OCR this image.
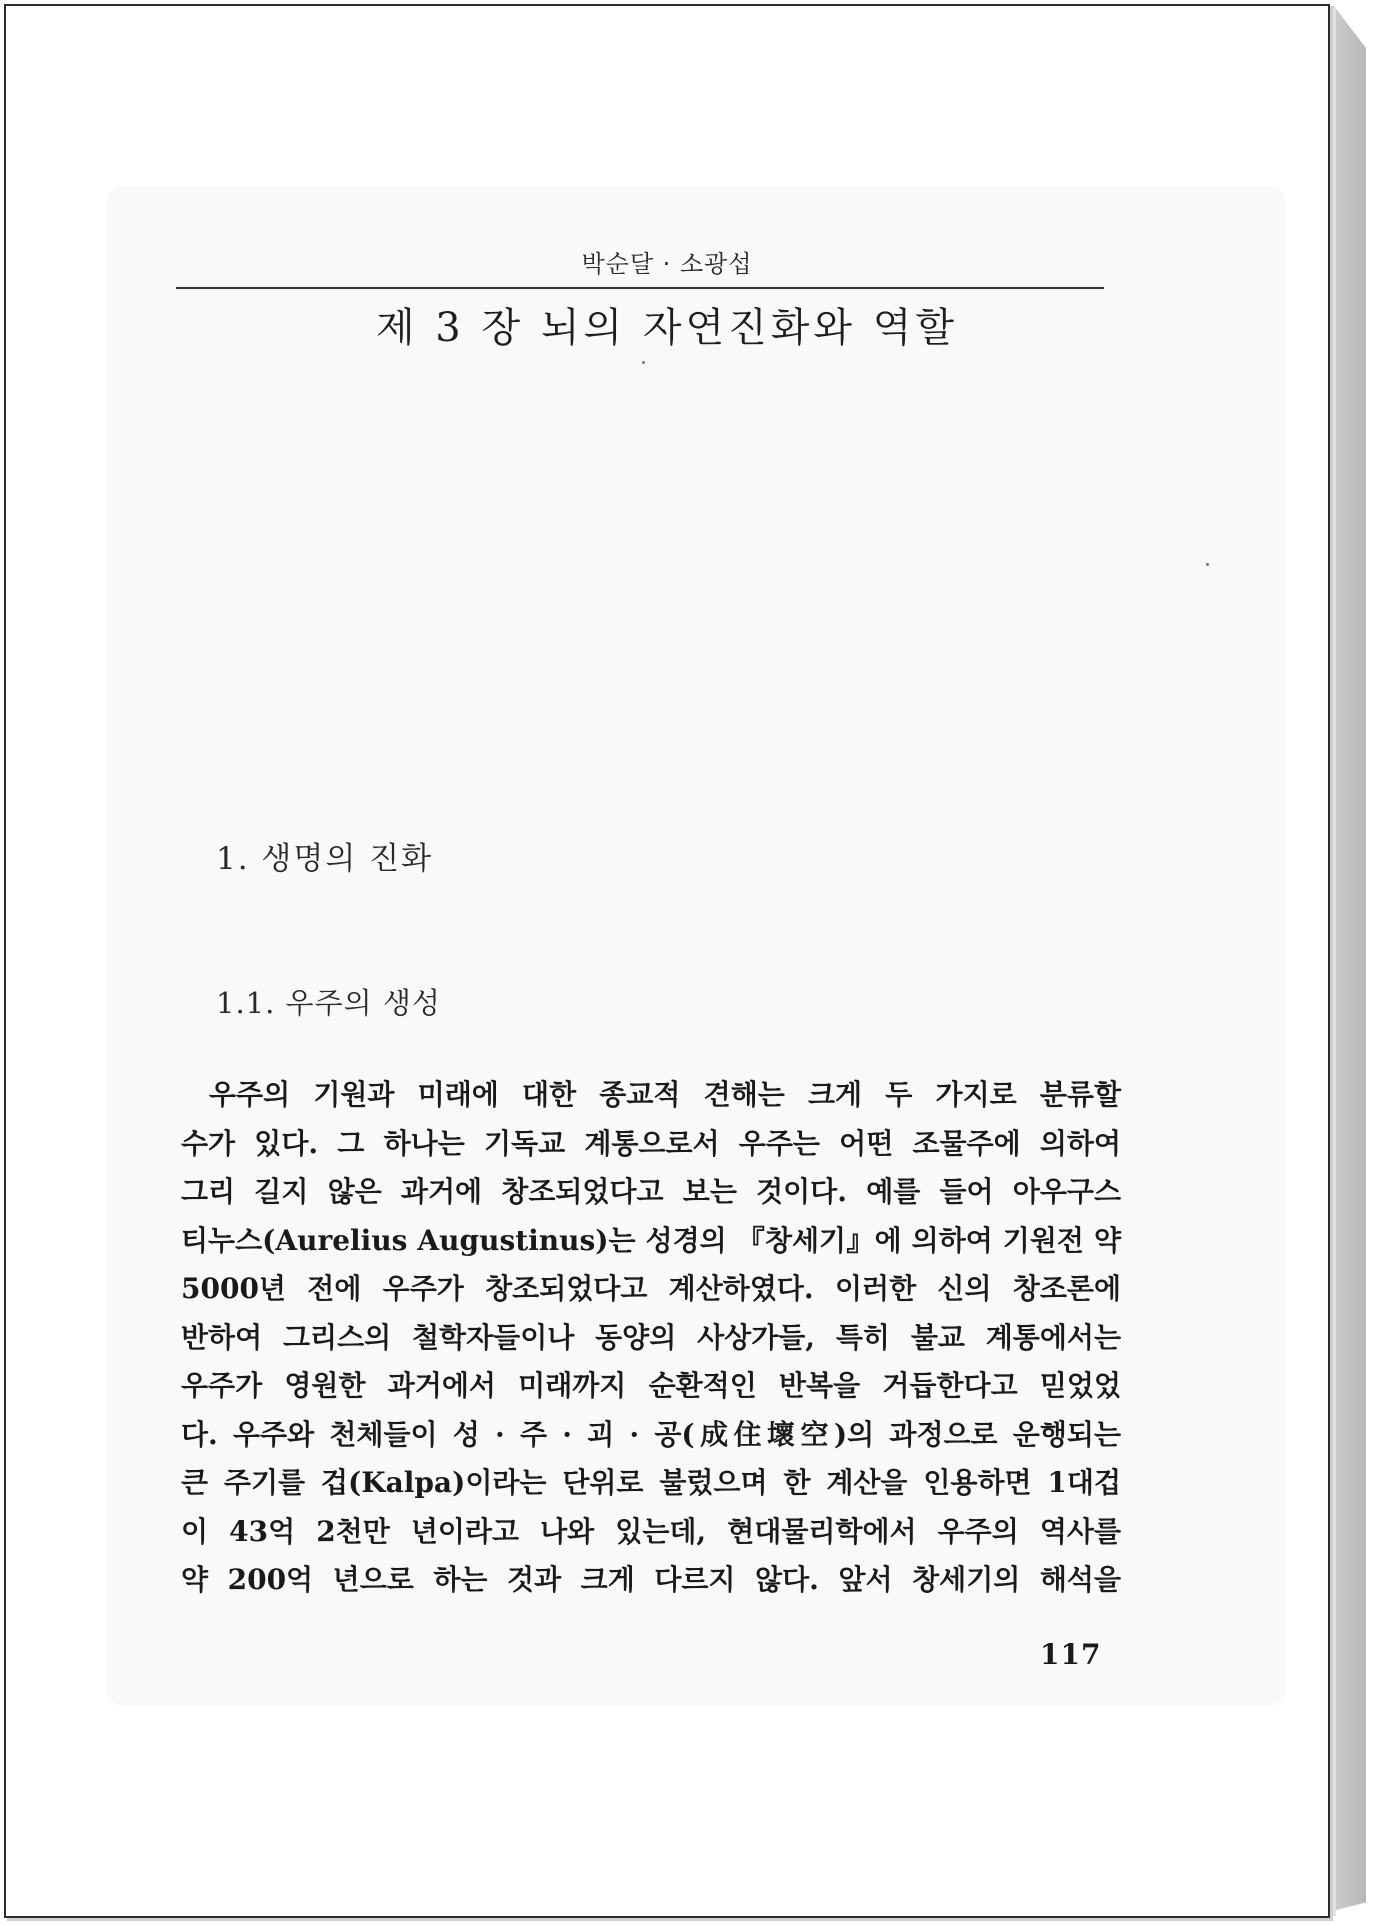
박순달 · 소광섭
제 3 장 뇌의 자연진화와 역할
1. 생명의 진화
1.1. 우주의 생성
우주의 기원과 미래에 대한 종교적 견해는 크게 두 가지로 분류할
수가 있다. 그 하나는 기독교 계통으로서 우주는 어떤 조물주에 의하여
그리 길지 않은 과거에 창조되었다고 보는 것이다. 예를 들어 아우구스
티누스(Aurelius Augustinus)는 성경의 『창세기』에 의하여 기원전 약
5000년 전에 우주가 창조되었다고 계산하였다. 이러한 신의 창조론에
반하여 그리스의 철학자들이나 동양의 사상가들, 특히 불교 계통에서는
우주가 영원한 과거에서 미래까지 순환적인 반복을 거듭한다고 믿었었
다. 우주와 천체들이 성 · 주 · 괴 · 공(成住壞空)의 과정으로 운행되는
큰 주기를 겁(Kalpa)이라는 단위로 불렀으며 한 계산을 인용하면 1대겁
이 43억 2천만 년이라고 나와 있는데, 현대물리학에서 우주의 역사를
약 200억 년으로 하는 것과 크게 다르지 않다. 앞서 창세기의 해석을
117
